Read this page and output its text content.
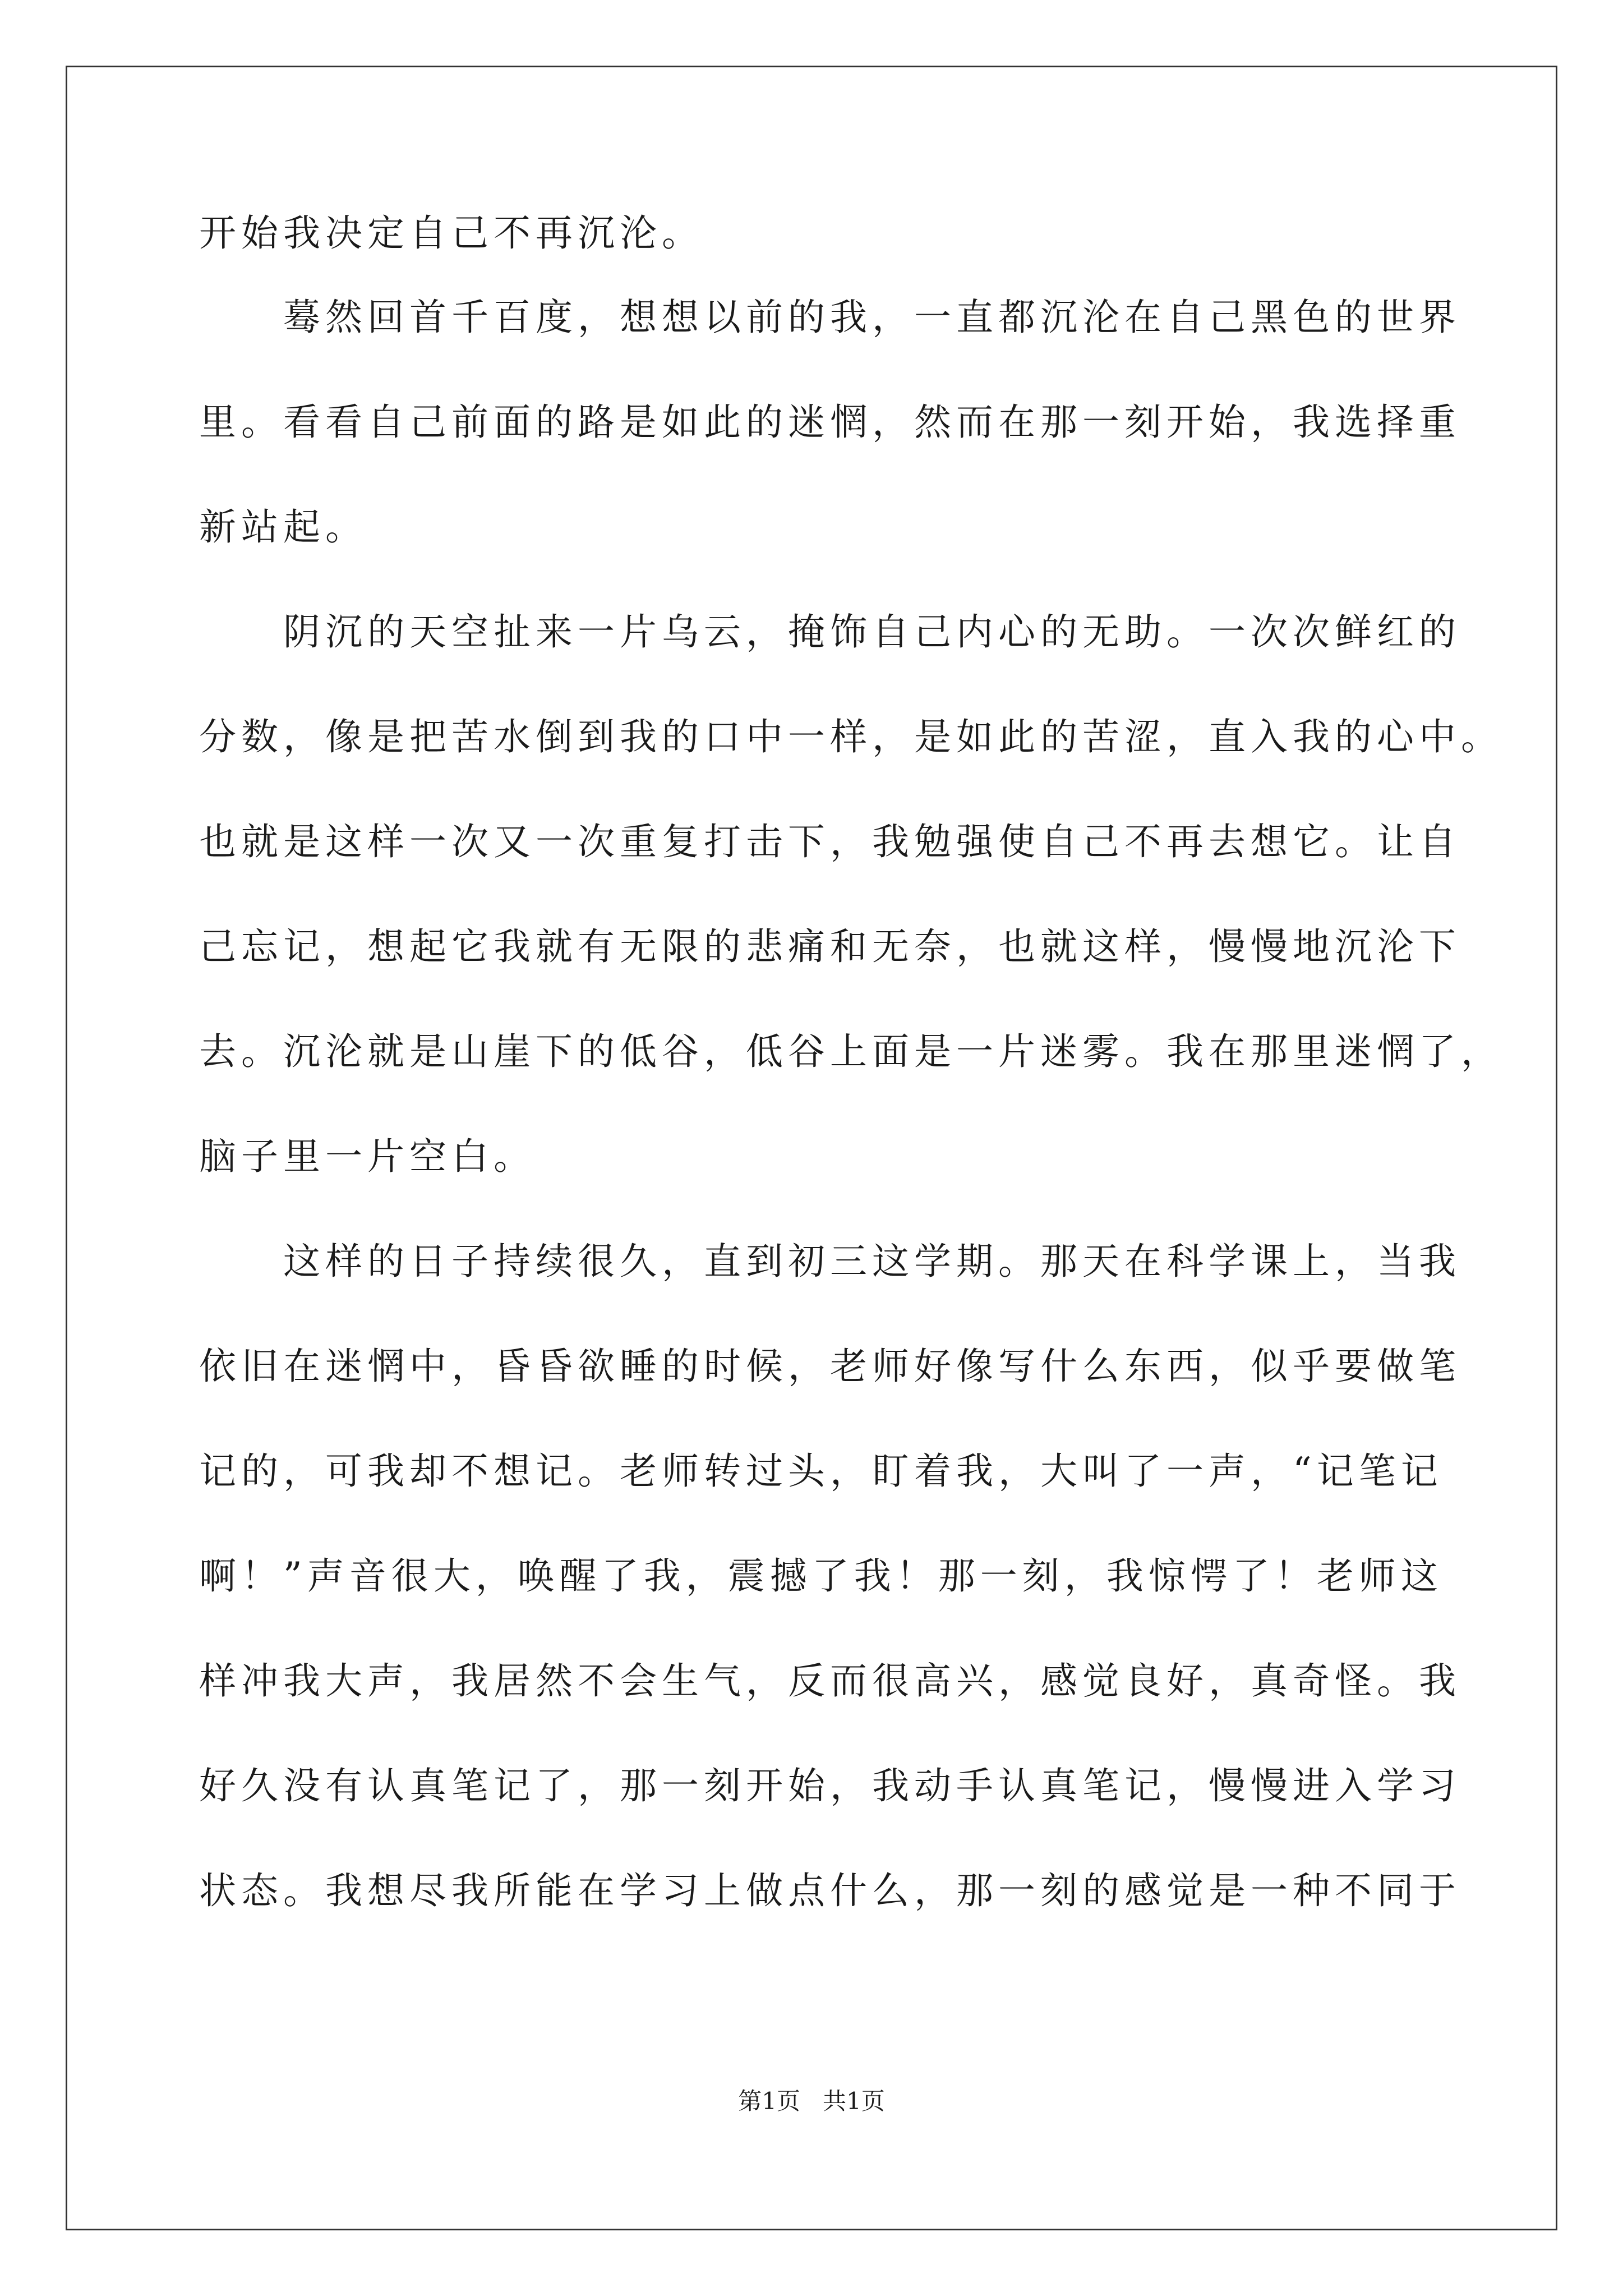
开始我决定自己不再沉沦。
蓦然回首千百度，想想以前的我，一直都沉沦在自己黑色的世界
里。看看自己前面的路是如此的迷惘，然而在那一刻开始，我选择重
新站起。
阴沉的天空扯来一片乌云，掩饰自己内心的无助。一次次鲜红的
分数，像是把苦水倒到我的口中一样，是如此的苦涩，直入我的心中。
也就是这样一次又一次重复打击下，我勉强使自己不再去想它。让自
己忘记，想起它我就有无限的悲痛和无奈，也就这样，慢慢地沉沦下
去。沉沦就是山崖下的低谷，低谷上面是一片迷雾。我在那里迷惘了，
脑子里一片空白。
这样的日子持续很久，直到初三这学期。那天在科学课上，当我
依旧在迷惘中，昏昏欲睡的时候，老师好像写什么东西，似乎要做笔
记的，可我却不想记。老师转过头，盯着我，大叫了一声，“记笔记
啊！”声音很大，唤醒了我，震撼了我！那一刻，我惊愕了！老师这
样冲我大声，我居然不会生气，反而很高兴，感觉良好，真奇怪。我
好久没有认真笔记了，那一刻开始，我动手认真笔记，慢慢进入学习
状态。我想尽我所能在学习上做点什么，那一刻的感觉是一种不同于
第1页   共1页
